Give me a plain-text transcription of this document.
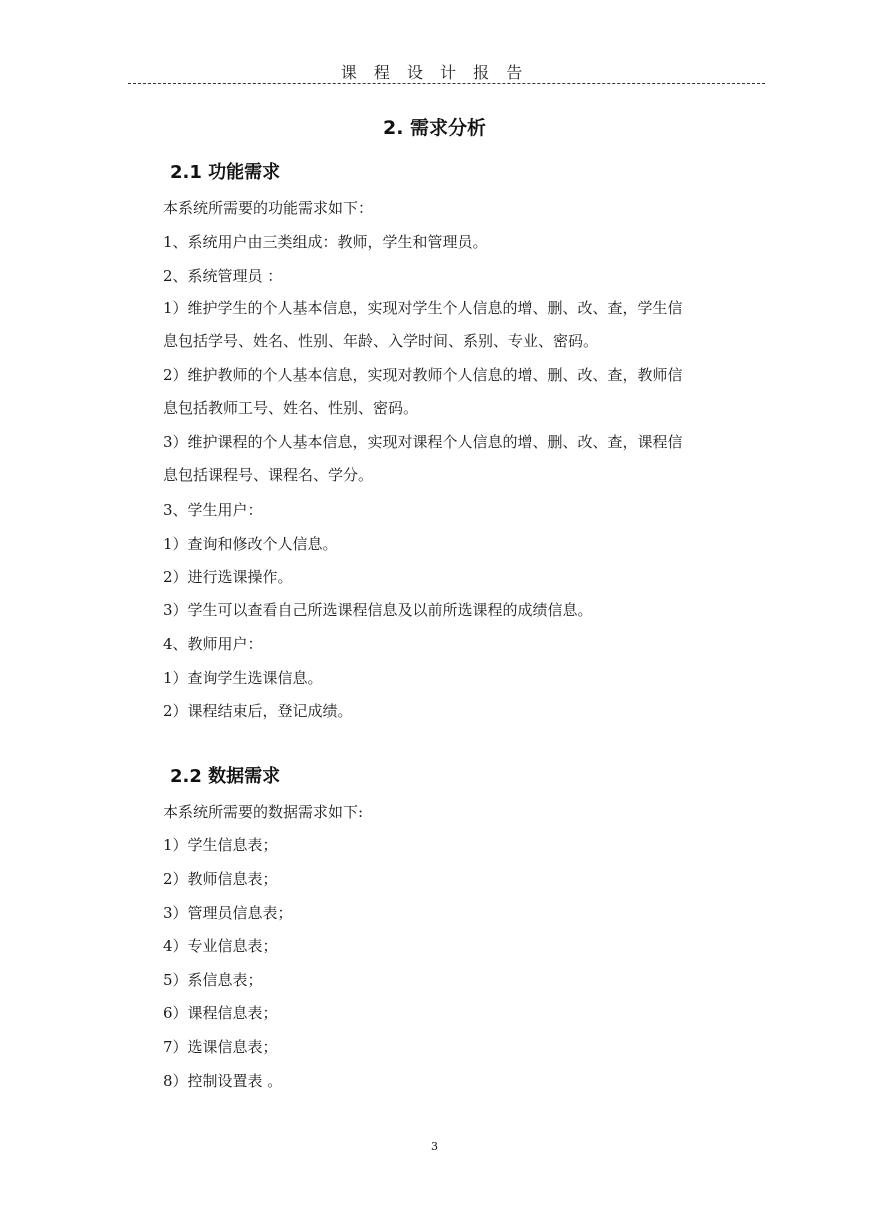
课 程 设 计 报 告
2. 需求分析
2.1 功能需求
本系统所需要的功能需求如下：
1、系统用户由三类组成：教师，学生和管理员。
2、系统管理员 ：
1）维护学生的个人基本信息，实现对学生个人信息的增、删、改、查，学生信
息包括学号、姓名、性别、年龄、入学时间、系别、专业、密码。
2）维护教师的个人基本信息，实现对教师个人信息的增、删、改、查，教师信
息包括教师工号、姓名、性别、密码。
3）维护课程的个人基本信息，实现对课程个人信息的增、删、改、查，课程信
息包括课程号、课程名、学分。
3、学生用户：
1）查询和修改个人信息。
2）进行选课操作。
3）学生可以查看自己所选课程信息及以前所选课程的成绩信息。
4、教师用户：
1）查询学生选课信息。
2）课程结束后，登记成绩。
2.2 数据需求
本系统所需要的数据需求如下:
1）学生信息表；
2）教师信息表；
3）管理员信息表；
4）专业信息表；
5）系信息表；
6）课程信息表；
7）选课信息表；
8）控制设置表 。
3
